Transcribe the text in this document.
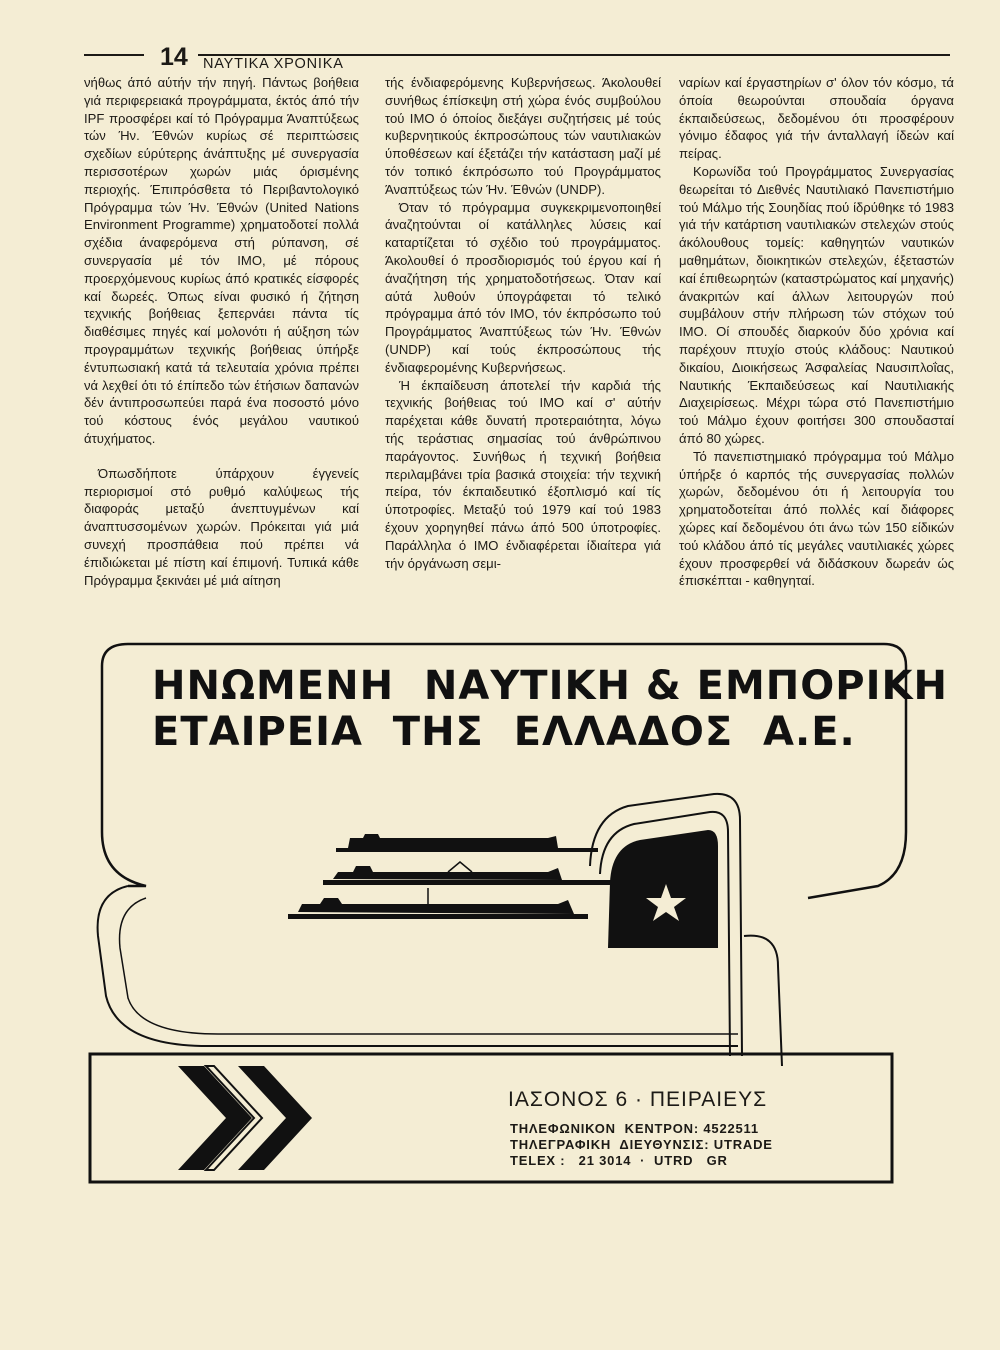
14 ΝΑΥΤΙΚΑ ΧΡΟΝΙΚΑ

νήθως άπό αύτήν τήν πηγή. Πάντως βοήθεια γιά περιφερειακά προγράμματα, έκτός άπό τήν IPF προσφέρει καί τό Πρόγραμμα Άναπτύξεως τών Ήν. Έθνών κυρίως σέ περιπτώσεις σχεδίων εύρύτερης άνάπτυξης μέ συνεργασία περισσοτέρων χωρών μιάς όρισμένης περιοχής. Έπιπρόσθετα τό Περιβαντολογικό Πρόγραμμα τών Ήν. Έθνών (United Nations Environment Programme) χρηματοδοτεί πολλά σχέδια άναφερόμενα στή ρύπανση, σέ συνεργασία μέ τόν ΙΜΟ, μέ πόρους προερχόμενους κυρίως άπό κρατικές είσφορές καί δωρεές. Όπως είναι φυσικό ή ζήτηση τεχνικής βοήθειας ξεπερνάει πάντα τίς διαθέσιμες πηγές καί μολονότι ή αύξηση τών προγραμμάτων τεχνικής βοήθειας ύπήρξε έντυπωσιακή κατά τά τελευταία χρόνια πρέπει νά λεχθεί ότι τό έπίπεδο τών έτήσιων δαπανών δέν άντιπροσωπεύει παρά ένα ποσοστό μόνο τού κόστους ένός μεγάλου ναυτικού άτυχήματος.

Όπωσδήποτε ύπάρχουν έγγενείς περιορισμοί στό ρυθμό καλύψεως τής διαφοράς μεταξύ άνεπτυγμένων καί άναπτυσσομένων χωρών. Πρόκειται γιά μιά συνεχή προσπάθεια πού πρέπει νά έπιδιώκεται μέ πίστη καί έπιμονή. Τυπικά κάθε Πρόγραμμα ξεκινάει μέ μιά αίτηση

τής ένδιαφερόμενης Κυβερνήσεως. Άκολουθεί συνήθως έπίσκεψη στή χώρα ένός συμβούλου τού ΙΜΟ ό όποίος διεξάγει συζητήσεις μέ τούς κυβερνητικούς έκπροσώπους τών ναυτιλιακών ύποθέσεων καί έξετάζει τήν κατάσταση μαζί μέ τόν τοπικό έκπρόσωπο τού Προγράμματος Άναπτύξεως τών Ήν. Έθνών (UNDP).

Όταν τό πρόγραμμα συγκεκριμενοποιηθεί άναζητούνται οί κατάλληλες λύσεις καί καταρτίζεται τό σχέδιο τού προγράμματος. Άκολουθεί ό προσδιορισμός τού έργου καί ή άναζήτηση τής χρηματοδοτήσεως. Όταν καί αύτά λυθούν ύπογράφεται τό τελικό πρόγραμμα άπό τόν ΙΜΟ, τόν έκπρόσωπο τού Προγράμματος Άναπτύξεως τών Ήν. Έθνών (UNDP) καί τούς έκπροσώπους τής ένδιαφερομένης Κυβερνήσεως.

Ή έκπαίδευση άποτελεί τήν καρδιά τής τεχνικής βοήθειας τού ΙΜΟ καί σ' αύτήν παρέχεται κάθε δυνατή προτεραιότητα, λόγω τής τεράστιας σημασίας τού άνθρώπινου παράγοντος. Συνήθως ή τεχνική βοήθεια περιλαμβάνει τρία βασικά στοιχεία: τήν τεχνική πείρα, τόν έκπαιδευτικό έξοπλισμό καί τίς ύποτροφίες. Μεταξύ τού 1979 καί τού 1983 έχουν χορηγηθεί πάνω άπό 500 ύποτροφίες. Παράλληλα ό ΙΜΟ ένδιαφέρεται ίδιαίτερα γιά τήν όργάνωση σεμι-

ναρίων καί έργαστηρίων σ' όλον τόν κόσμο, τά όποία θεωρούνται σπουδαία όργανα έκπαιδεύσεως, δεδομένου ότι προσφέρουν γόνιμο έδαφος γιά τήν άνταλλαγή ίδεών καί πείρας.

Κορωνίδα τού Προγράμματος Συνεργασίας θεωρείται τό Διεθνές Ναυτιλιακό Πανεπιστήμιο τού Μάλμο τής Σουηδίας πού ίδρύθηκε τό 1983 γιά τήν κατάρτιση ναυτιλιακών στελεχών στούς άκόλουθους τομείς: καθηγητών ναυτικών μαθημάτων, διοικητικών στελεχών, έξεταστών καί έπιθεωρητών (καταστρώματος καί μηχανής) άνακριτών καί άλλων λειτουργών πού συμβάλουν στήν πλήρωση τών στόχων τού ΙΜΟ. Οί σπουδές διαρκούν δύο χρόνια καί παρέχουν πτυχίο στούς κλάδους: Ναυτικού δικαίου, Διοικήσεως Άσφαλείας Ναυσιπλοΐας, Ναυτικής Έκπαιδεύσεως καί Ναυτιλιακής Διαχειρίσεως. Μέχρι τώρα στό Πανεπιστήμιο τού Μάλμο έχουν φοιτήσει 300 σπουδασταί άπό 80 χώρες.

Τό πανεπιστημιακό πρόγραμμα τού Μάλμο ύπήρξε ό καρπός τής συνεργασίας πολλών χωρών, δεδομένου ότι ή λειτουργία του χρηματοδοτείται άπό πολλές καί διάφορες χώρες καί δεδομένου ότι άνω τών 150 είδικών τού κλάδου άπό τίς μεγάλες ναυτιλιακές χώρες έχουν προσφερθεί νά διδάσκουν δωρεάν ώς έπισκέπται - καθηγηταί.

ΗΝΩΜΕΝΗ  ΝΑΥΤΙΚΗ & ΕΜΠΟΡΙΚΗ
ΕΤΑΙΡΕΙΑ  ΤΗΣ  ΕΛΛΑΔΟΣ  Α.Ε.
ΙΑΣΟΝΟΣ 6 · ΠΕΙΡΑΙΕΥΣ
ΤΗΛΕΦΩΝΙΚΟΝ  ΚΕΝΤΡΟΝ: 4522511
ΤΗΛΕΓΡΑΦΙΚΗ  ΔΙΕΥΘΥΝΣΙΣ: UTRADE
TELEX :   21 3014  ·  UTRD   GR
